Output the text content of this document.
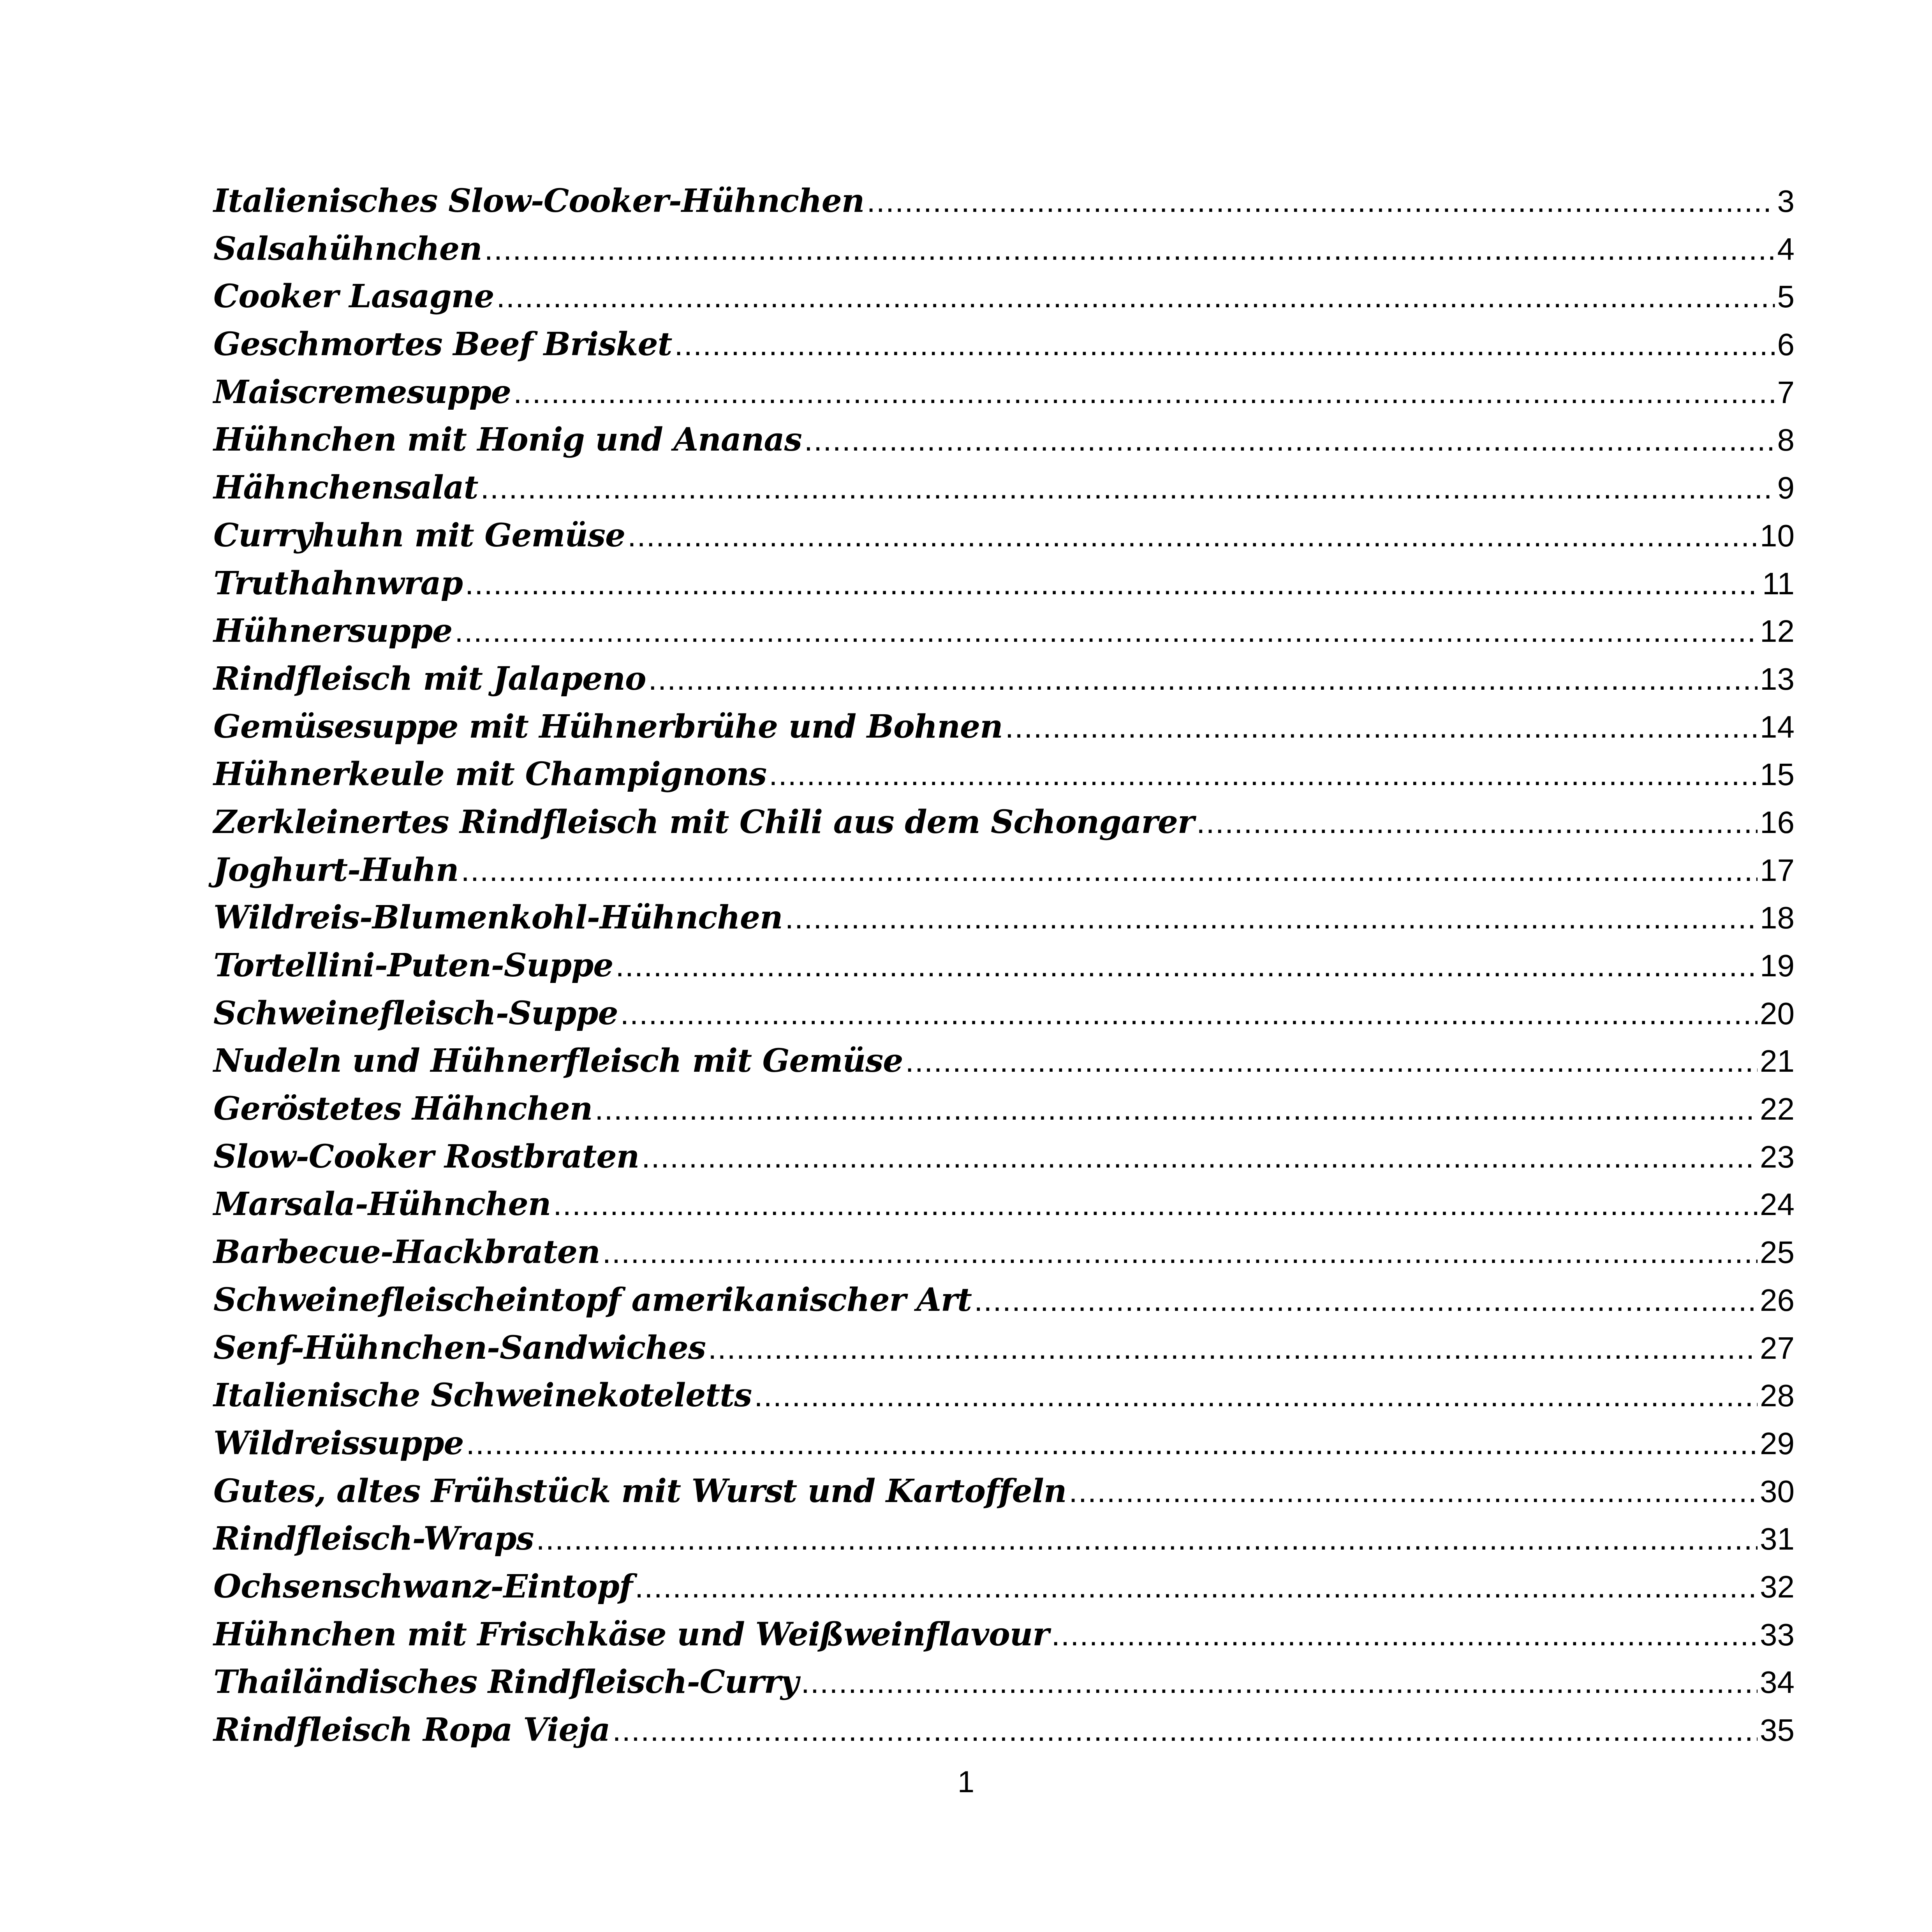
Italienisches Slow-Cooker-Hühnchen .....	3
Salsahühnchen .....	4
Cooker Lasagne .....	5
Geschmortes Beef Brisket .....	6
Maiscremesuppe .....	7
Hühnchen mit Honig und Ananas .....	8
Hähnchensalat .....	9
Curryhuhn mit Gemüse .....	10
Truthahnwrap .....	11
Hühnersuppe .....	12
Rindfleisch mit Jalapeno .....	13
Gemüsesuppe mit Hühnerbrühe und Bohnen .....	14
Hühnerkeule mit Champignons .....	15
Zerkleinertes Rindfleisch mit Chili aus dem Schongarer .....	16
Joghurt-Huhn .....	17
Wildreis-Blumenkohl-Hühnchen .....	18
Tortellini-Puten-Suppe .....	19
Schweinefleisch-Suppe .....	20
Nudeln und Hühnerfleisch mit Gemüse .....	21
Geröstetes Hähnchen .....	22
Slow-Cooker Rostbraten .....	23
Marsala-Hühnchen .....	24
Barbecue-Hackbraten .....	25
Schweinefleischeintopf amerikanischer Art .....	26
Senf-Hühnchen-Sandwiches .....	27
Italienische Schweinekoteletts .....	28
Wildreissuppe .....	29
Gutes, altes Frühstück mit Wurst und Kartoffeln .....	30
Rindfleisch-Wraps .....	31
Ochsenschwanz-Eintopf .....	32
Hühnchen mit Frischkäse und Weißweinflavour .....	33
Thailändisches Rindfleisch-Curry .....	34
Rindfleisch Ropa Vieja .....	35
1
